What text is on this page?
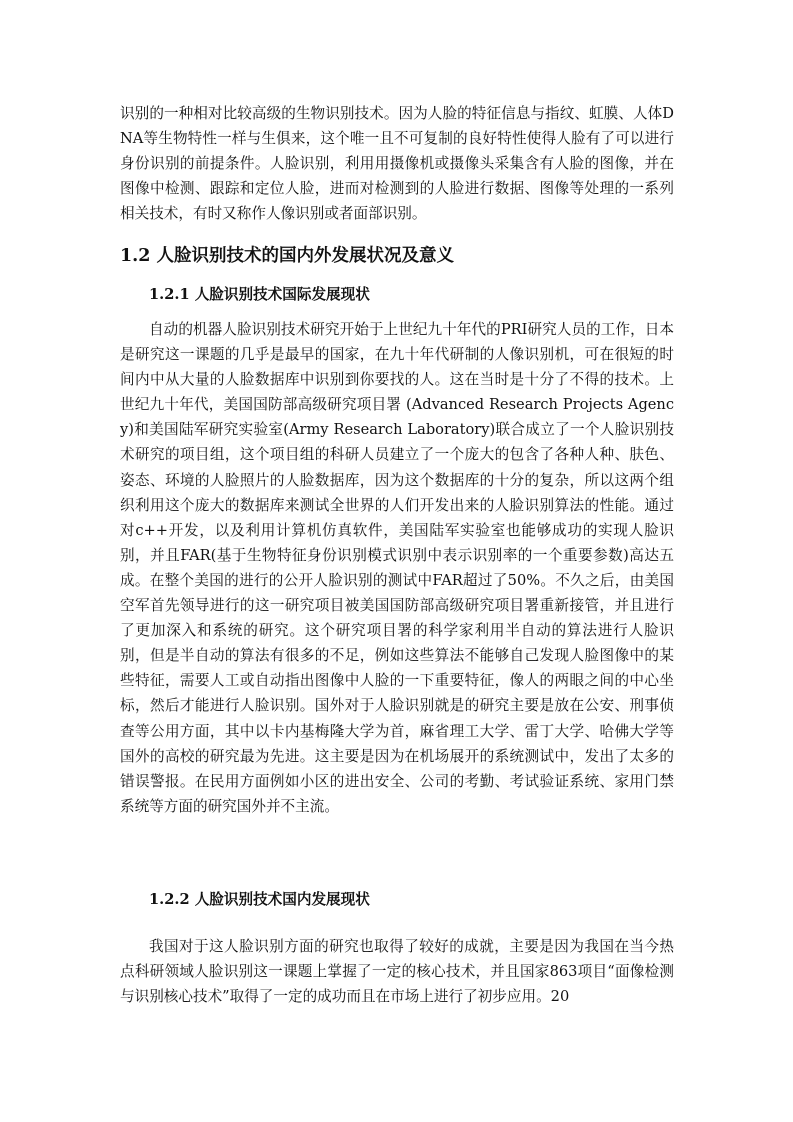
识别的一种相对比较高级的生物识别技术。因为人脸的特征信息与指纹、虹膜、人体DNA等生物特性一样与生俱来，这个唯一且不可复制的良好特性使得人脸有了可以进行身份识别的前提条件。人脸识别，利用用摄像机或摄像头采集含有人脸的图像，并在图像中检测、跟踪和定位人脸，进而对检测到的人脸进行数据、图像等处理的一系列相关技术，有时又称作人像识别或者面部识别。

1.2 人脸识别技术的国内外发展状况及意义
1.2.1 人脸识别技术国际发展现状

自动的机器人脸识别技术研究开始于上世纪九十年代的PRI研究人员的工作，日本是研究这一课题的几乎是最早的国家，在九十年代研制的人像识别机，可在很短的时间内中从大量的人脸数据库中识别到你要找的人。这在当时是十分了不得的技术。上世纪九十年代，美国国防部高级研究项目署 (Advanced Research Projects Agency)和美国陆军研究实验室(Army Research Laboratory)联合成立了一个人脸识别技术研究的项目组，这个项目组的科研人员建立了一个庞大的包含了各种人种、肤色、姿态、环境的人脸照片的人脸数据库，因为这个数据库的十分的复杂，所以这两个组织利用这个庞大的数据库来测试全世界的人们开发出来的人脸识别算法的性能。通过对c++开发，以及利用计算机仿真软件，美国陆军实验室也能够成功的实现人脸识别，并且FAR(基于生物特征身份识别模式识别中表示识别率的一个重要参数)高达五成。在整个美国的进行的公开人脸识别的测试中FAR超过了50%。不久之后，由美国空军首先领导进行的这一研究项目被美国国防部高级研究项目署重新接管，并且进行了更加深入和系统的研究。这个研究项目署的科学家利用半自动的算法进行人脸识别，但是半自动的算法有很多的不足，例如这些算法不能够自己发现人脸图像中的某些特征，需要人工或自动指出图像中人脸的一下重要特征，像人的两眼之间的中心坐标，然后才能进行人脸识别。国外对于人脸识别就是的研究主要是放在公安、刑事侦查等公用方面，其中以卡内基梅隆大学为首，麻省理工大学、雷丁大学、哈佛大学等国外的高校的研究最为先进。这主要是因为在机场展开的系统测试中，发出了太多的错误警报。在民用方面例如小区的进出安全、公司的考勤、考试验证系统、家用门禁系统等方面的研究国外并不主流。

1.2.2 人脸识别技术国内发展现状

我国对于这人脸识别方面的研究也取得了较好的成就，主要是因为我国在当今热点科研领域人脸识别这一课题上掌握了一定的核心技术，并且国家863项目“面像检测与识别核心技术”取得了一定的成功而且在市场上进行了初步应用。20
